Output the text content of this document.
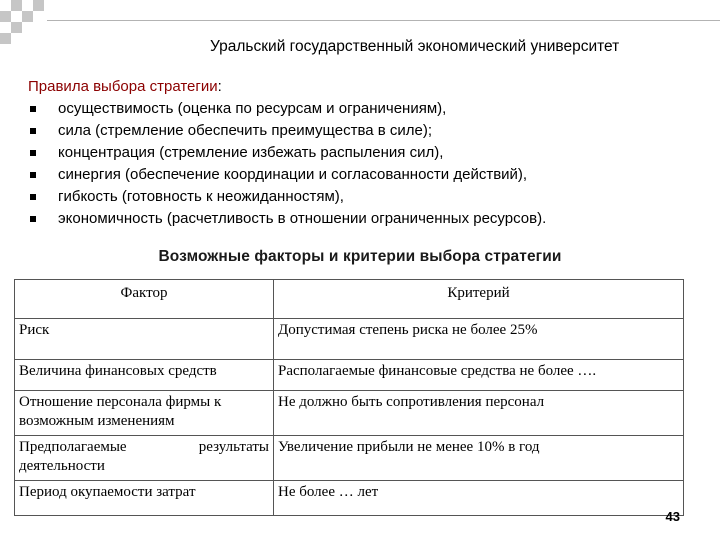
Уральский государственный экономический университет
Правила выбора стратегии:
осуществимость (оценка по ресурсам и ограничениям),
сила (стремление обеспечить преимущества в силе);
концентрация (стремление избежать распыления сил),
синергия (обеспечение координации и согласованности действий),
гибкость (готовность к неожиданностям),
экономичность (расчетливость в отношении ограниченных ресурсов).
Возможные факторы и критерии выбора стратегии
Фактор	Критерий
Риск	Допустимая степень риска не более 25%
Величина финансовых средств	Располагаемые финансовые средства не более ….
Отношение персонала фирмы к возможным изменениям	Не должно быть сопротивления персонал
Предполагаемые результаты деятельности	Увеличение прибыли не менее 10% в год
Период окупаемости затрат	Не более … лет
43
